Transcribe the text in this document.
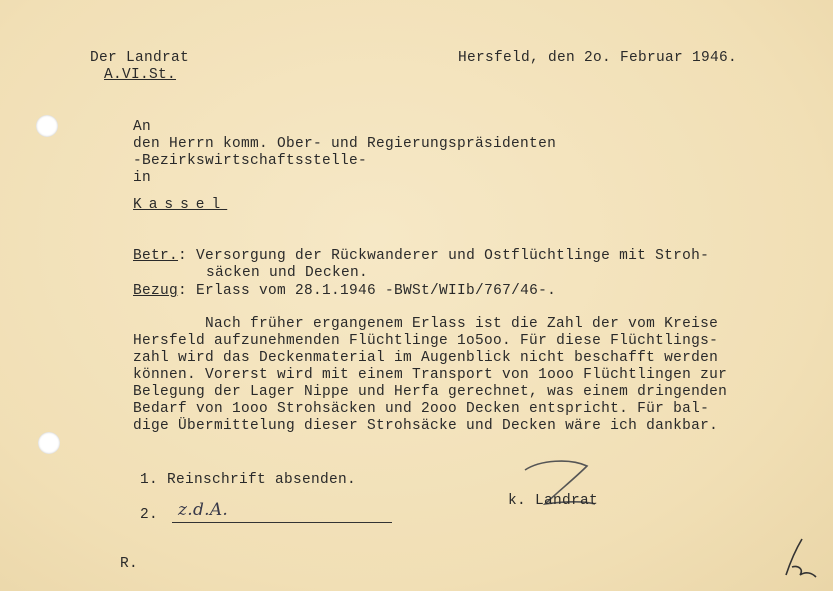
Der Landrat
A.VI.St.
Hersfeld, den 2o. Februar 1946.
An
den Herrn komm. Ober- und Regierungspräsidenten
-Bezirkswirtschaftsstelle-
in
Kassel
Betr.: Versorgung der Rückwanderer und Ostflüchtlinge mit Stroh-
säcken und Decken.
Bezug: Erlass vom 28.1.1946 -BWSt/WIIb/767/46-.
Nach früher ergangenem Erlass ist die Zahl der vom Kreise
Hersfeld aufzunehmenden Flüchtlinge 1o5oo. Für diese Flüchtlings-
zahl wird das Deckenmaterial im Augenblick nicht beschafft werden
können. Vorerst wird mit einem Transport von 1ooo Flüchtlingen zur
Belegung der Lager Nippe und Herfa gerechnet, was einem dringenden
Bedarf von 1ooo Strohsäcken und 2ooo Decken entspricht. Für bal-
dige Übermittelung dieser Strohsäcke und Decken wäre ich dankbar.
1. Reinschrift absenden.
2. z.d.A.	k. Landrat
R.
